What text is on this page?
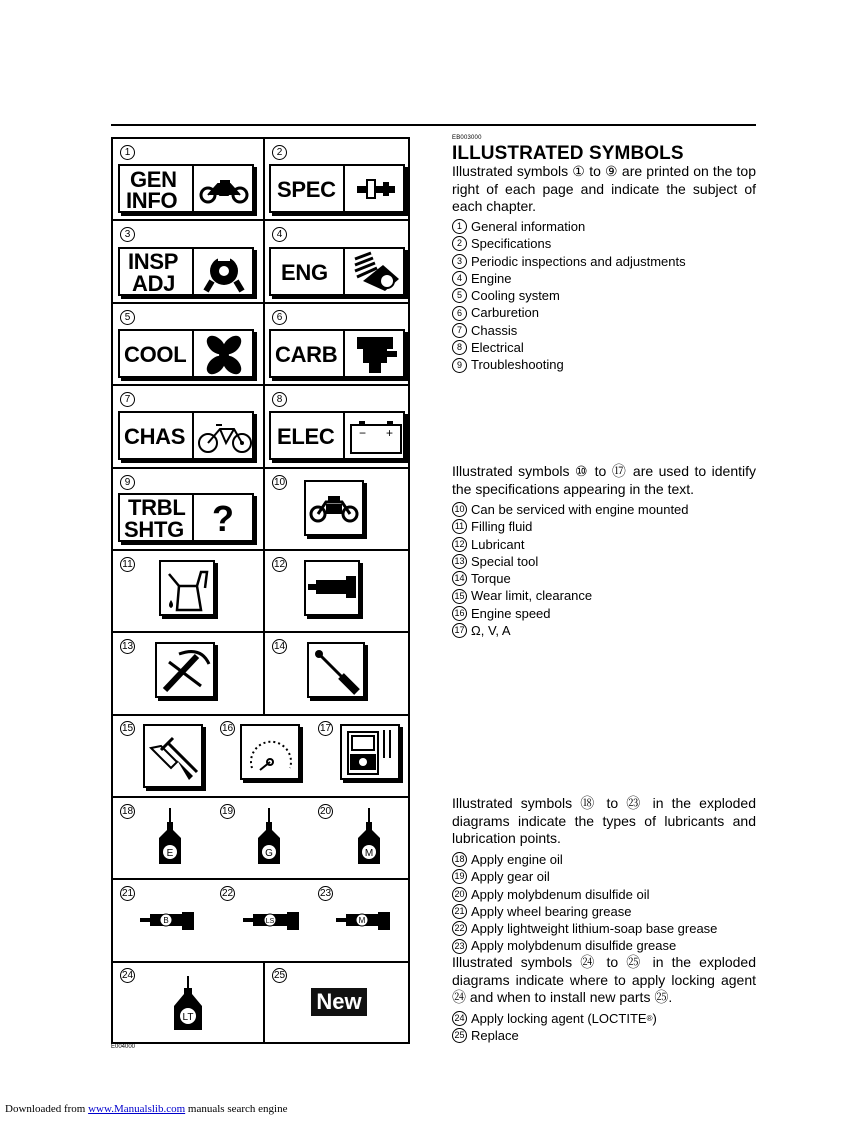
EB003000
1	2
3	4
5	6
7	8
9	10
11	12
13	14
15	16	17
18	19	20
21	22	23
24	25
GEN
INFO	SPEC
INSP
ADJ	ENG
COOL	CARB
CHAS	ELEC − +
TRBL
SHTG ?
E	G	M
B	LS	M
LT
New
E004000
ILLUSTRATED SYMBOLS
Illustrated symbols ① to ⑨ are printed on the top right of each page and indicate the subject of each chapter.
1 General information
2 Specifications
3 Periodic inspections and adjustments
4 Engine
5 Cooling system
6 Carburetion
7 Chassis
8 Electrical
9 Troubleshooting
Illustrated symbols ⑩ to ⑰ are used to identify the specifications appearing in the text.
10 Can be serviced with engine mounted
11 Filling fluid
12 Lubricant
13 Special tool
14 Torque
15 Wear limit, clearance
16 Engine speed
17 Ω, V, A
Illustrated symbols ⑱ to ㉓ in the exploded diagrams indicate the types of lubricants and lubrication points.
18 Apply engine oil
19 Apply gear oil
20 Apply molybdenum disulfide oil
21 Apply wheel bearing grease
22 Apply lightweight lithium-soap base grease
23 Apply molybdenum disulfide grease
Illustrated symbols ㉔ to ㉕ in the exploded diagrams indicate where to apply locking agent ㉔ and when to install new parts ㉕.
24 Apply locking agent (LOCTITE ® )
25 Replace
Downloaded from www.Manualslib.com manuals search engine
